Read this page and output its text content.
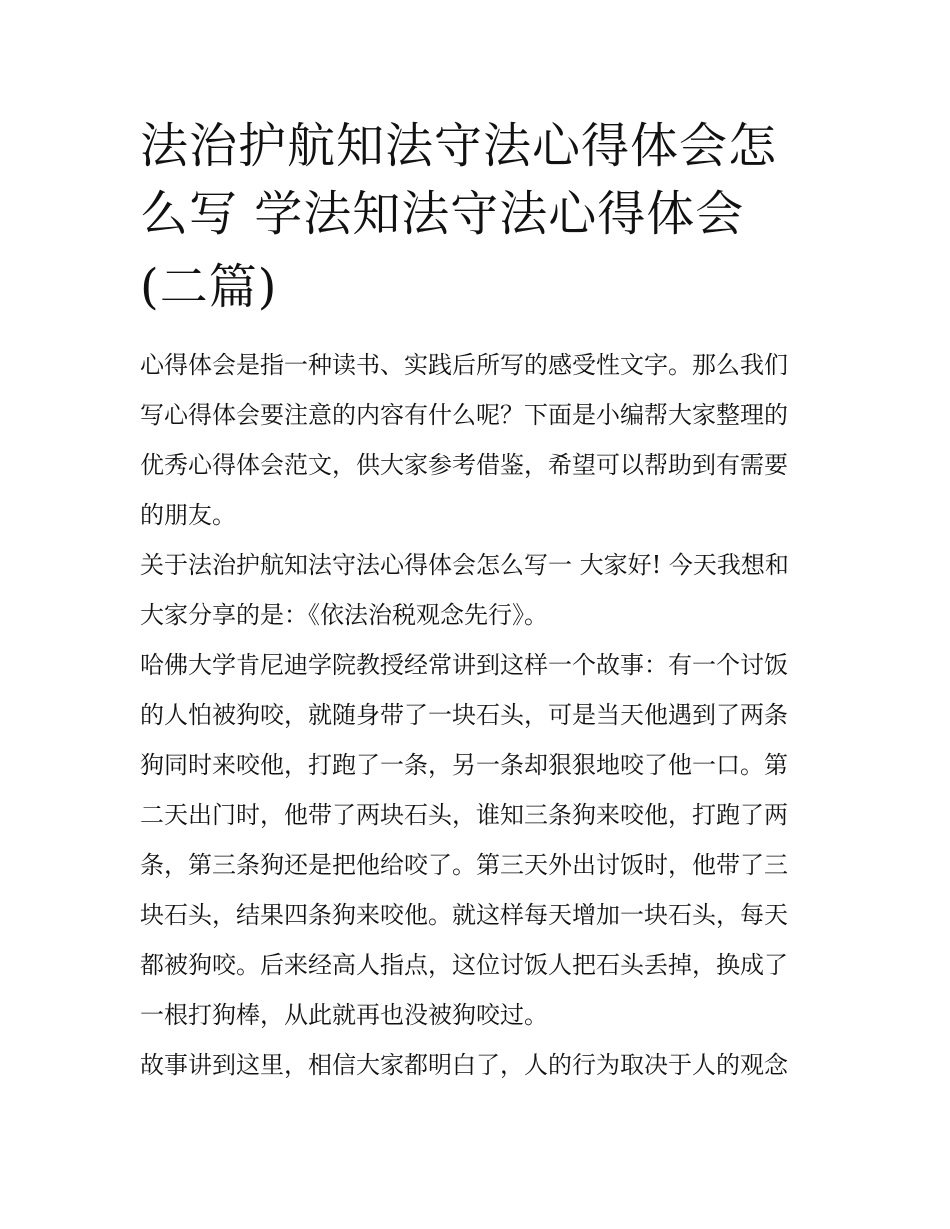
法治护航知法守法心得体会怎
么写 学法知法守法心得体会
(二篇)

心得体会是指一种读书、实践后所写的感受性文字。那么我们
写心得体会要注意的内容有什么呢？下面是小编帮大家整理的
优秀心得体会范文，供大家参考借鉴，希望可以帮助到有需要
的朋友。

关于法治护航知法守法心得体会怎么写一 大家好! 今天我想和
大家分享的是：《依法治税观念先行》。

哈佛大学肯尼迪学院教授经常讲到这样一个故事：有一个讨饭
的人怕被狗咬，就随身带了一块石头，可是当天他遇到了两条
狗同时来咬他，打跑了一条，另一条却狠狠地咬了他一口。第
二天出门时，他带了两块石头，谁知三条狗来咬他，打跑了两
条，第三条狗还是把他给咬了。第三天外出讨饭时，他带了三
块石头，结果四条狗来咬他。就这样每天增加一块石头，每天
都被狗咬。后来经高人指点，这位讨饭人把石头丢掉，换成了
一根打狗棒，从此就再也没被狗咬过。

故事讲到这里，相信大家都明白了，人的行为取决于人的观念
